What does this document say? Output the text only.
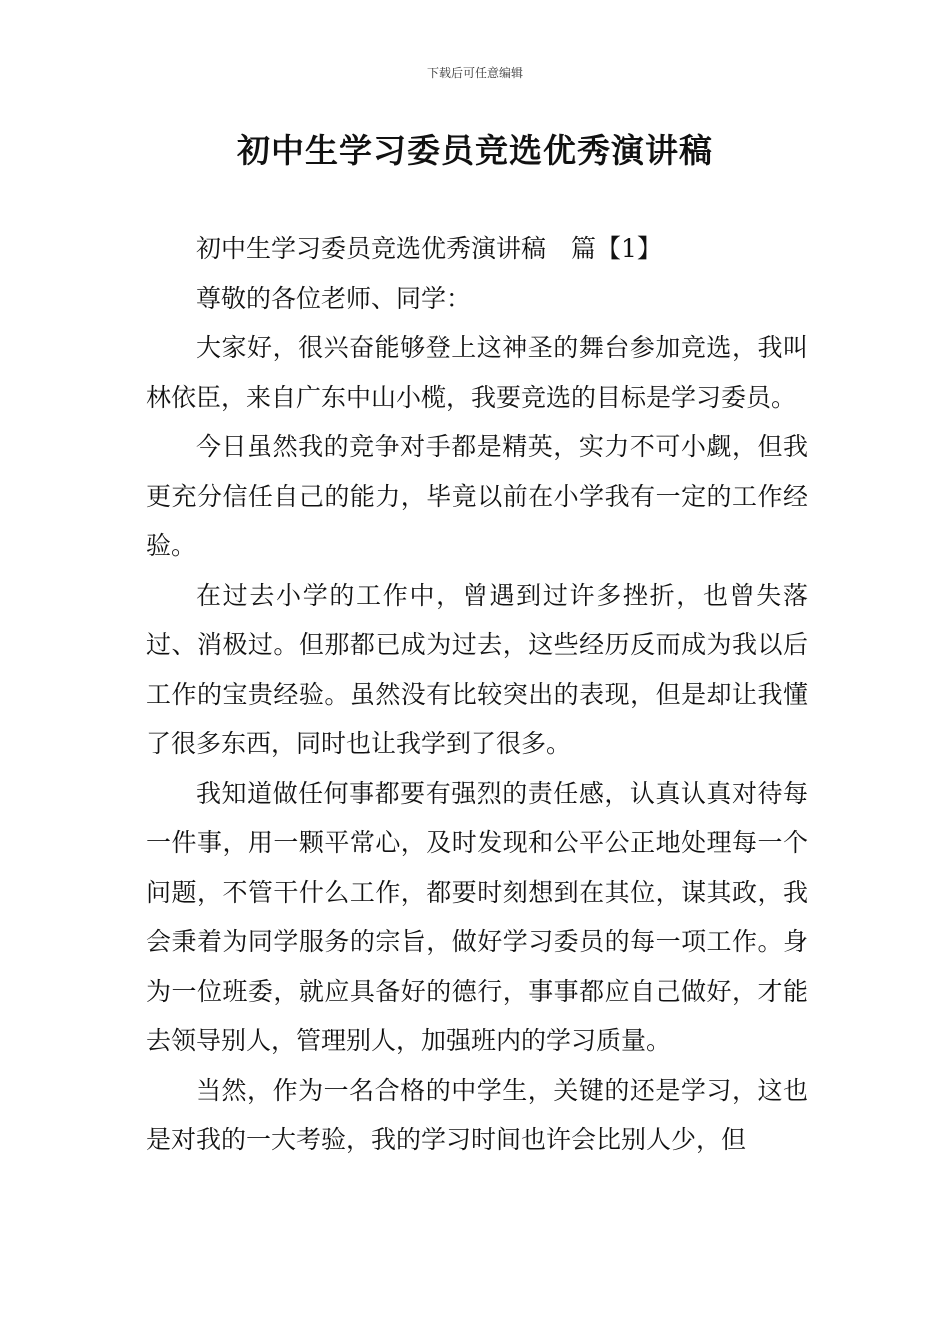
下载后可任意编辑
初中生学习委员竞选优秀演讲稿

初中生学习委员竞选优秀演讲稿　篇【1】

尊敬的各位老师、同学：

大家好，很兴奋能够登上这神圣的舞台参加竞选，我叫林依臣，来自广东中山小榄，我要竞选的目标是学习委员。

今日虽然我的竞争对手都是精英，实力不可小觑，但我更充分信任自己的能力，毕竟以前在小学我有一定的工作经验。

在过去小学的工作中，曾遇到过许多挫折，也曾失落过、消极过。但那都已成为过去，这些经历反而成为我以后工作的宝贵经验。虽然没有比较突出的表现，但是却让我懂了很多东西，同时也让我学到了很多。

我知道做任何事都要有强烈的责任感，认真认真对待每一件事，用一颗平常心，及时发现和公平公正地处理每一个问题，不管干什么工作，都要时刻想到在其位，谋其政，我会秉着为同学服务的宗旨，做好学习委员的每一项工作。身为一位班委，就应具备好的德行，事事都应自己做好，才能去领导别人，管理别人，加强班内的学习质量。

当然，作为一名合格的中学生，关键的还是学习，这也是对我的一大考验，我的学习时间也许会比别人少，但
